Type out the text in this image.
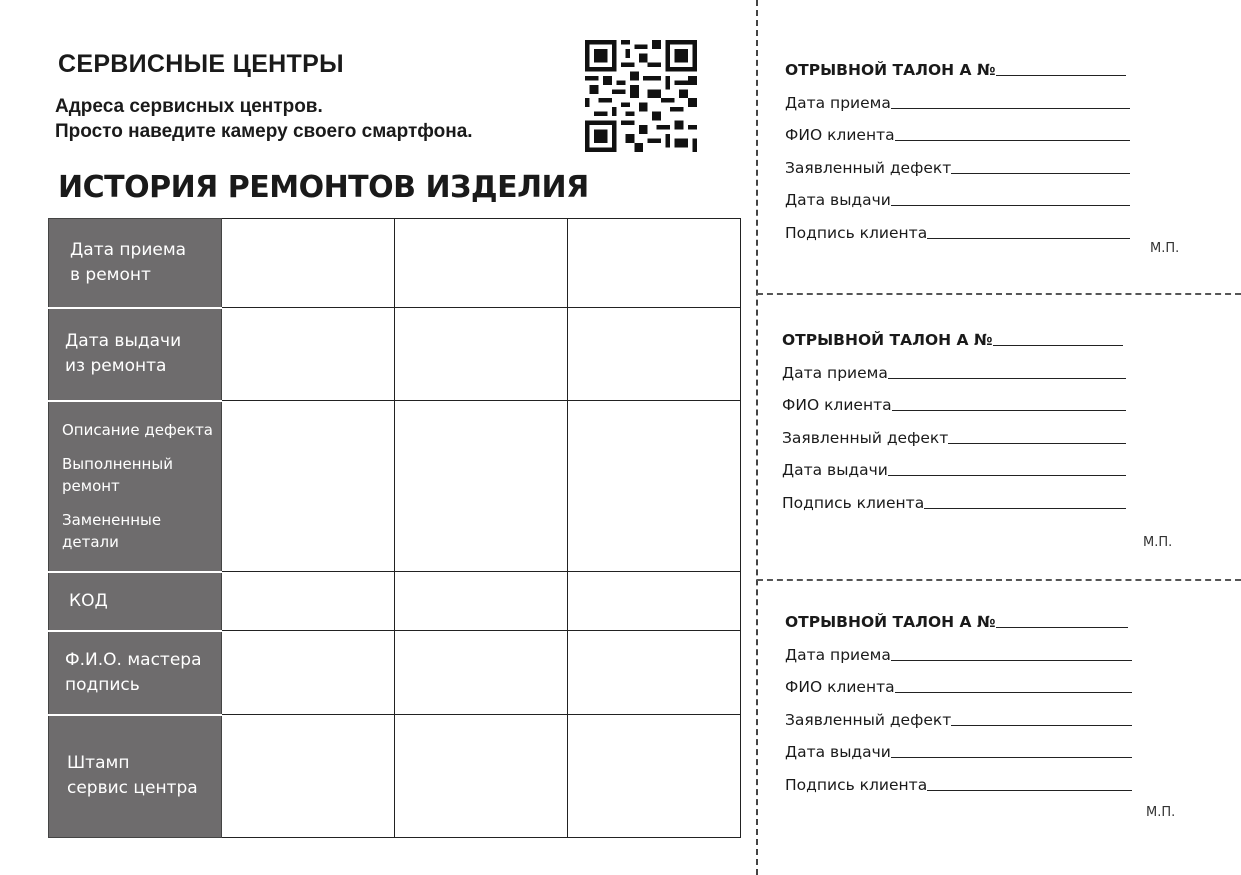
СЕРВИСНЫЕ ЦЕНТРЫ
Адреса сервисных центров.
Просто наведите камеру своего смартфона.
ИСТОРИЯ РЕМОНТОВ ИЗДЕЛИЯ
Дата приема
в ремонт			

Дата выдачи
из ремонта			

Описание дефекта
Выполненный
ремонт
Замененные
детали			

КОД			

Ф.И.О. мастера
подпись			

Штамп
сервис центра			

ОТРЫВНОЙ ТАЛОН А №
Дата приема
ФИО клиента
Заявленный дефект
Дата выдачи
Подпись клиента
М.П.
ОТРЫВНОЙ ТАЛОН А №
Дата приема
ФИО клиента
Заявленный дефект
Дата выдачи
Подпись клиента
М.П.
ОТРЫВНОЙ ТАЛОН А №
Дата приема
ФИО клиента
Заявленный дефект
Дата выдачи
Подпись клиента
М.П.
